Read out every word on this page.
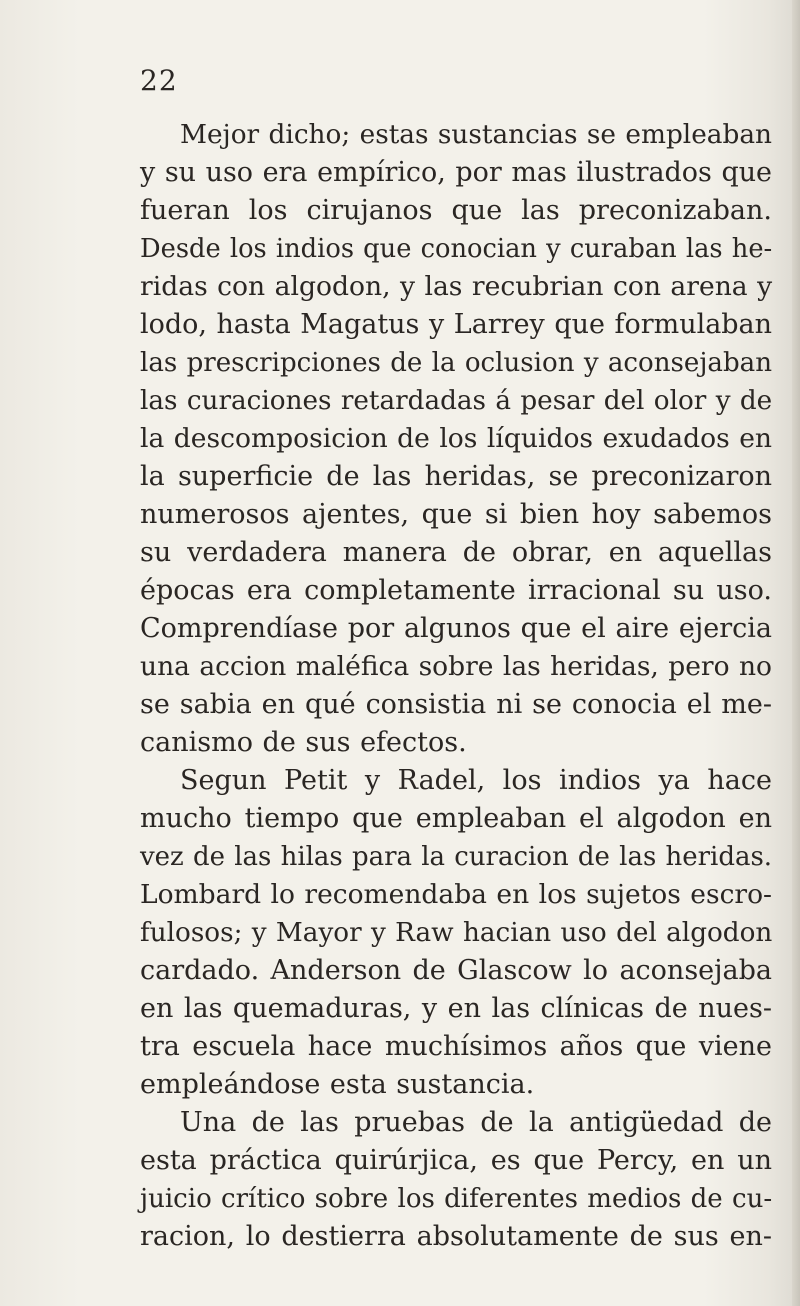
22
Mejor dicho; estas sustancias se empleaban
y su uso era empírico, por mas ilustrados que
fueran los cirujanos que las preconizaban.
Desde los indios que conocian y curaban las he-
ridas con algodon, y las recubrian con arena y
lodo, hasta Magatus y Larrey que formulaban
las prescripciones de la oclusion y aconsejaban
las curaciones retardadas á pesar del olor y de
la descomposicion de los líquidos exudados en
la superficie de las heridas, se preconizaron
numerosos ajentes, que si bien hoy sabemos
su verdadera manera de obrar, en aquellas
épocas era completamente irracional su uso.
Comprendíase por algunos que el aire ejercia
una accion maléfica sobre las heridas, pero no
se sabia en qué consistia ni se conocia el me-
canismo de sus efectos.
Segun Petit y Radel, los indios ya hace
mucho tiempo que empleaban el algodon en
vez de las hilas para la curacion de las heridas.
Lombard lo recomendaba en los sujetos escro-
fulosos; y Mayor y Raw hacian uso del algodon
cardado. Anderson de Glascow lo aconsejaba
en las quemaduras, y en las clínicas de nues-
tra escuela hace muchísimos años que viene
empleándose esta sustancia.
Una de las pruebas de la antigüedad de
esta práctica quirúrjica, es que Percy, en un
juicio crítico sobre los diferentes medios de cu-
racion, lo destierra absolutamente de sus en-
